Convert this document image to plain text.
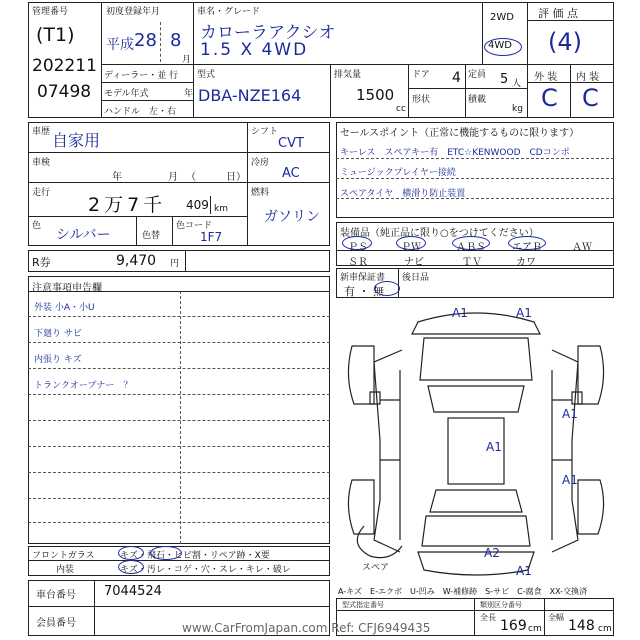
管理番号
(T1)
202211
07498
初度登録年月
平成 28 8
月
ディーラー・並 行
モデル年式	年
ハンドル　左・右
車名・グレード
カローラアクシオ
1.5 X 4WD
2WD
4WD
型式
DBA-NZE164
排気量
1500
cc
ドア 4
形状
定員 5 人
積載
kg
評 価 点
(4)
外 装 内 装
C C
車歴 自家用
車検
年	月 （　　　日）
走行
2万7千 409 km
色
シルバー	色替
色コード
1F7
シフト
CVT
冷房
AC
燃料
ガソリン
R券	9,470 円
セールスポイント（正常に機能するものに限ります）
キーレス　スペアキー有　ETC☆KENWOOD　CDコンポ
ミュージックプレイヤー接続
スペアタイヤ　横滑り防止装置
装備品（純正品に限り○をつけてください）
ＰＳ	ＰＷ	ＡＢＳ	エアＢ	ＡＷ
ＳＲ	ナビ	ＴＶ	カワ
新車保証書 後日品
有 ・ 無
注意事項申告欄
外装 小A・小U
下廻り サビ
内張り キズ
トランクオープナー　？
フロントガラス	キズ・飛石・ヒビ割・リペア跡・X要
内装	キズ・汚レ・コゲ・穴・スレ・キレ・破レ
A1	A1
A1
A1
A1
A2
A1
スペア
A-キズ　E-エクボ　U-凹み　W-補修跡　S-サビ　C-腐食　XX-交換済
車台番号 7044524
会員番号
型式指定番号	類別区分番号
全長	全幅
169 cm 148 cm
www.CarFromJapan.com Ref: CFJ6949435
